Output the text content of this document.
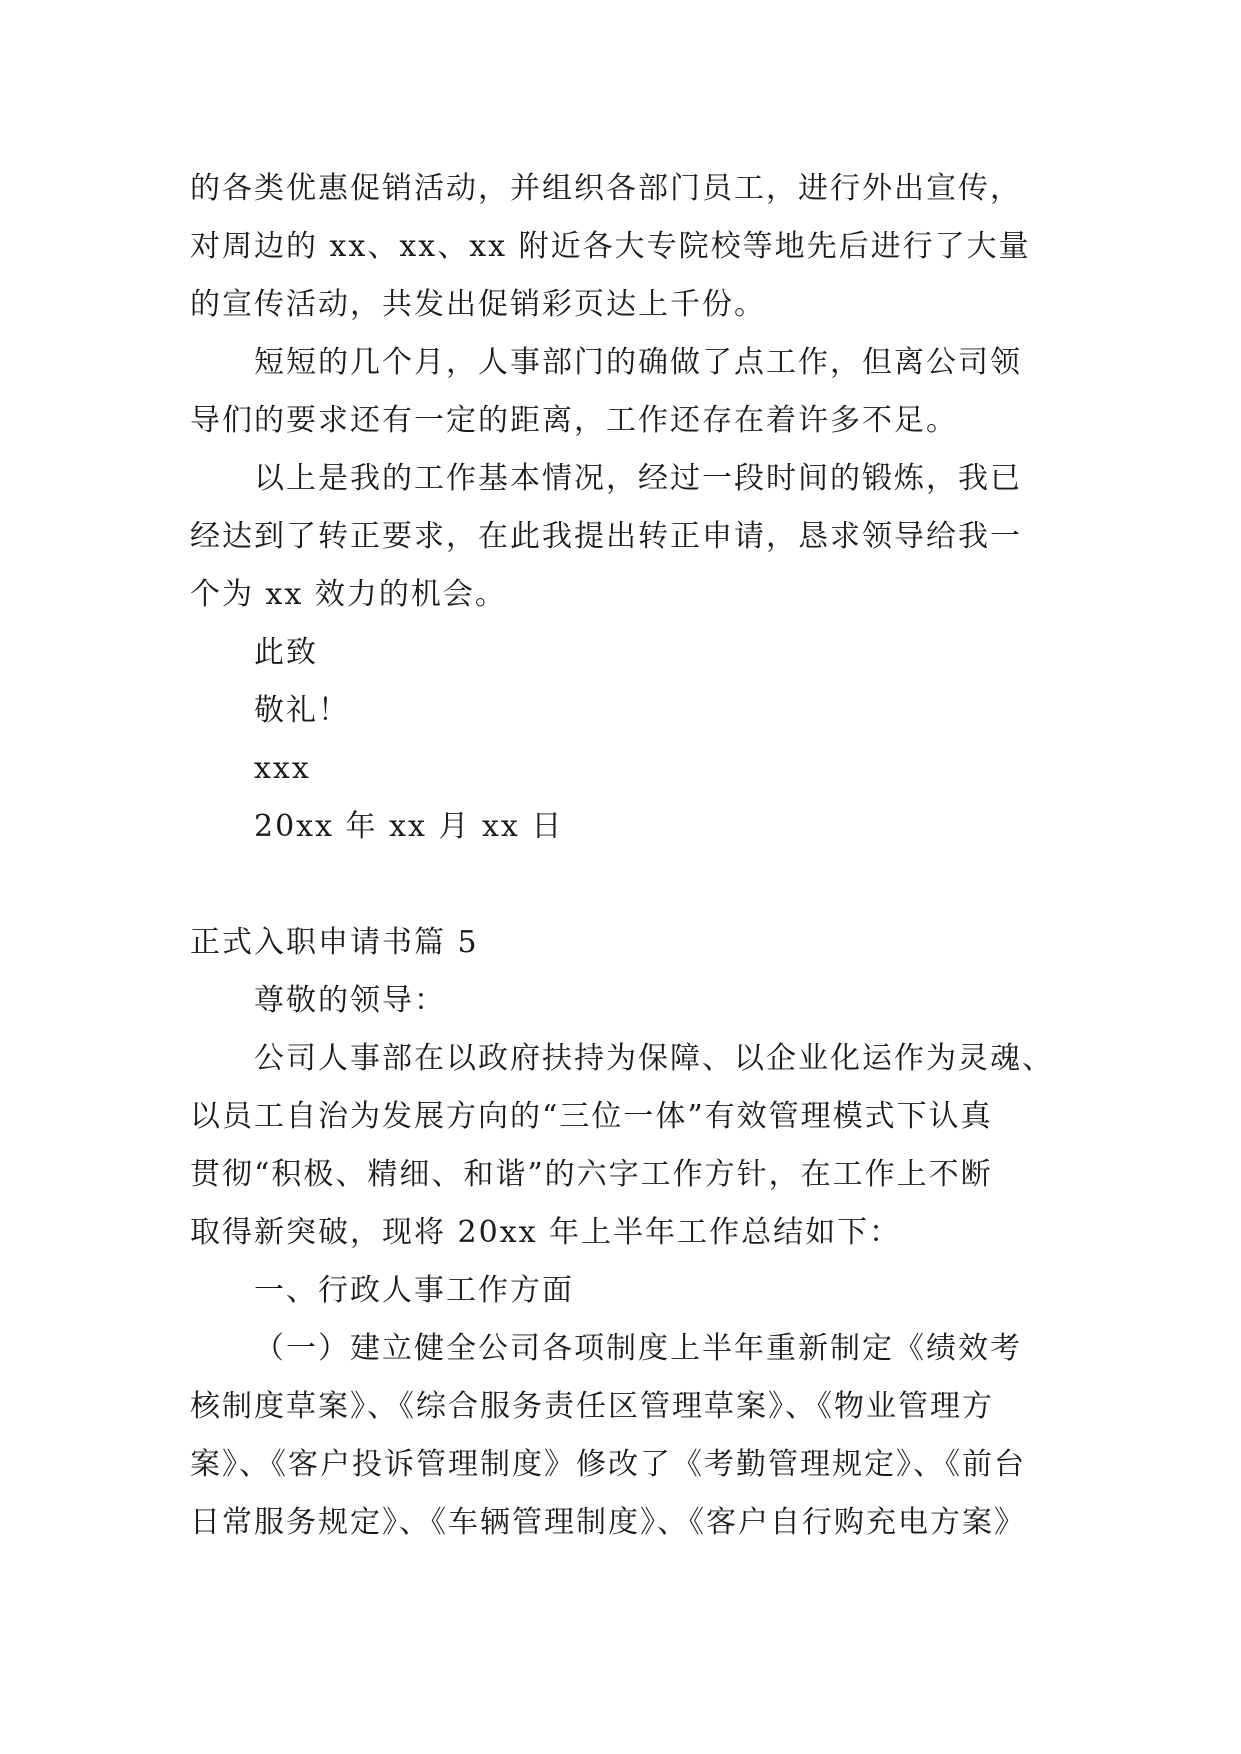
的各类优惠促销活动，并组织各部门员工，进行外出宣传，

对周边的 xx、xx、xx 附近各大专院校等地先后进行了大量

的宣传活动，共发出促销彩页达上千份。

短短的几个月，人事部门的确做了点工作，但离公司领

导们的要求还有一定的距离，工作还存在着许多不足。

以上是我的工作基本情况，经过一段时间的锻炼，我已

经达到了转正要求，在此我提出转正申请，恳求领导给我一

个为 xx 效力的机会。

此致

敬礼！

xxx

20xx 年 xx 月 xx 日

正式入职申请书篇 5

尊敬的领导：

公司人事部在以政府扶持为保障、以企业化运作为灵魂、

以员工自治为发展方向的“三位一体”有效管理模式下认真

贯彻“积极、精细、和谐”的六字工作方针，在工作上不断

取得新突破，现将 20xx 年上半年工作总结如下：

一、行政人事工作方面

（一）建立健全公司各项制度上半年重新制定《绩效考

核制度草案》、《综合服务责任区管理草案》、《物业管理方

案》、《客户投诉管理制度》修改了《考勤管理规定》、《前台

日常服务规定》、《车辆管理制度》、《客户自行购充电方案》
